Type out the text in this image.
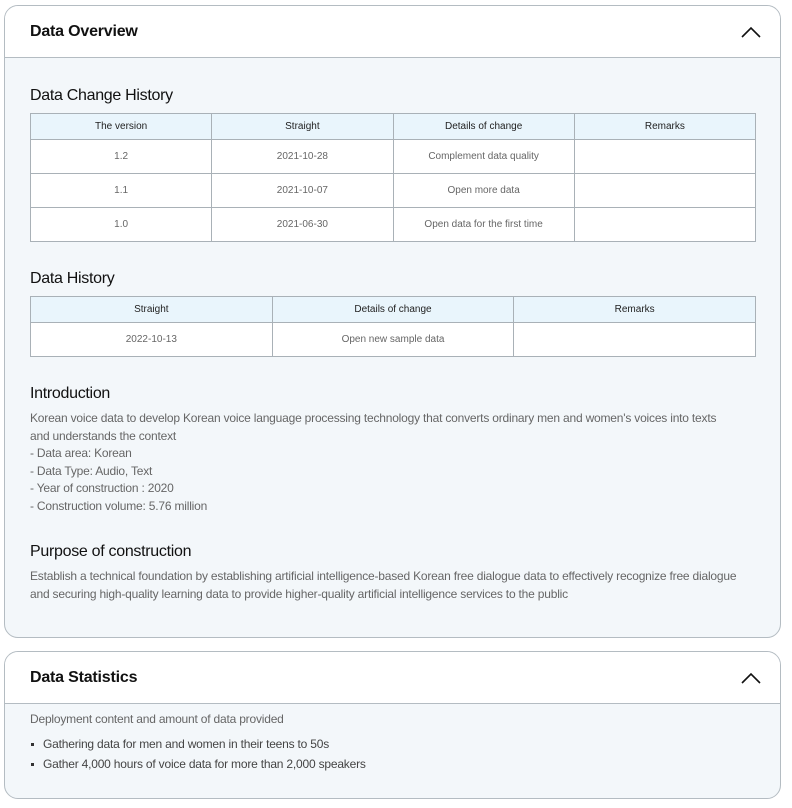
Data Overview
Data Change History
The version	Straight	Details of change	Remarks
1.2	2021-10-28	Complement data quality	
1.1	2021-10-07	Open more data	
1.0	2021-06-30	Open data for the first time	
Data History
Straight	Details of change	Remarks
2022-10-13	Open new sample data	
Introduction
Korean voice data to develop Korean voice language processing technology that converts ordinary men and women's voices into texts and understands the context
- Data area: Korean
- Data Type: Audio, Text
- Year of construction : 2020
- Construction volume: 5.76 million
Purpose of construction
Establish a technical foundation by establishing artificial intelligence-based Korean free dialogue data to effectively recognize free dialogue and securing high-quality learning data to provide higher-quality artificial intelligence services to the public
Data Statistics
Deployment content and amount of data provided
Gathering data for men and women in their teens to 50s
Gather 4,000 hours of voice data for more than 2,000 speakers
